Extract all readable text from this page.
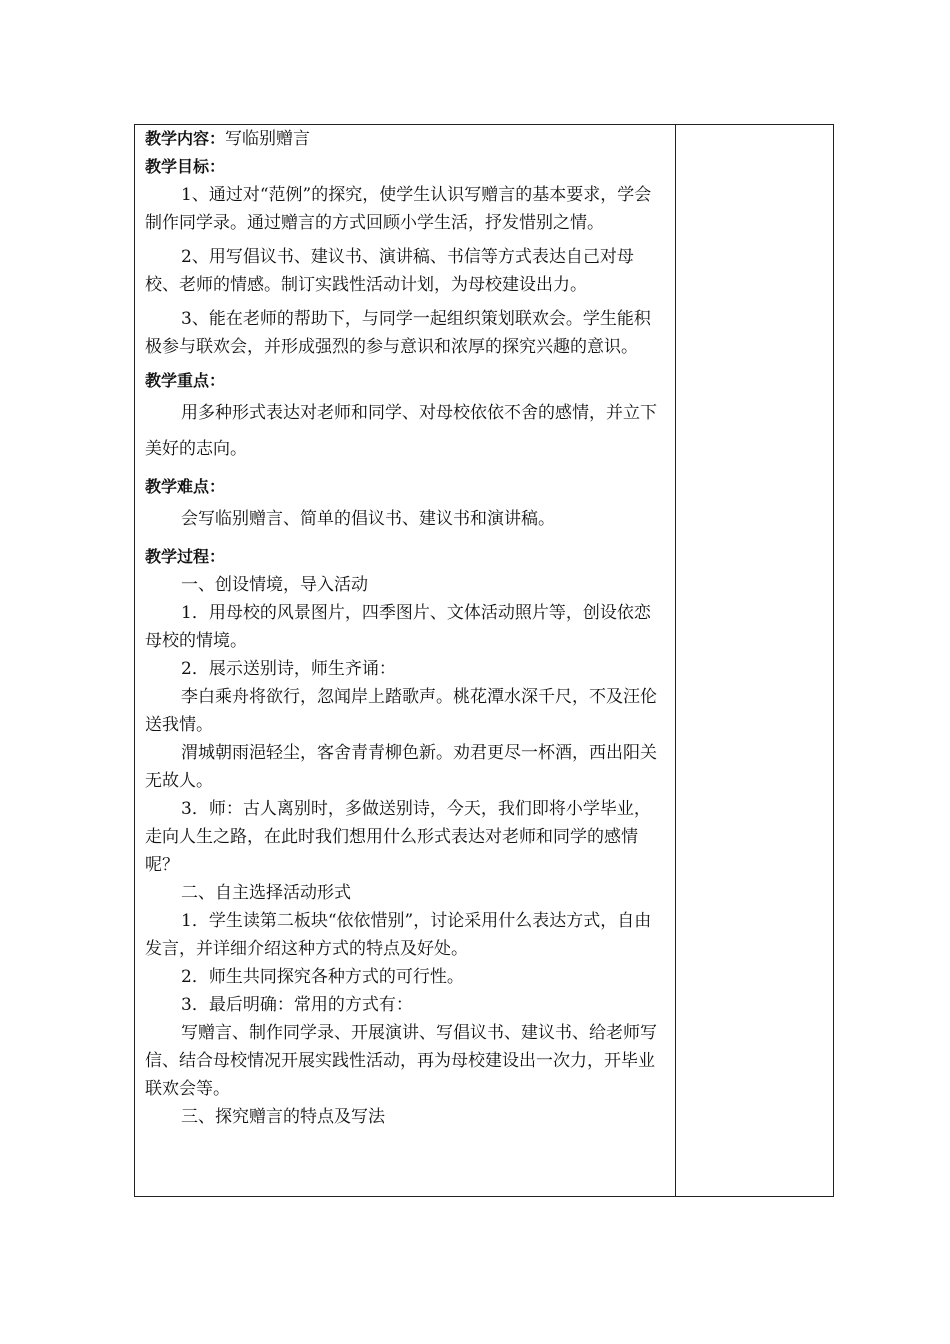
教学内容：写临别赠言

教学目标：

1、通过对“范例”的探究，使学生认识写赠言的基本要求，学会制作同学录。通过赠言的方式回顾小学生活，抒发惜别之情。

2、用写倡议书、建议书、演讲稿、书信等方式表达自己对母校、老师的情感。制订实践性活动计划，为母校建设出力。

3、能在老师的帮助下，与同学一起组织策划联欢会。学生能积极参与联欢会，并形成强烈的参与意识和浓厚的探究兴趣的意识。

教学重点：

用多种形式表达对老师和同学、对母校依依不舍的感情，并立下美好的志向。

教学难点：

会写临别赠言、简单的倡议书、建议书和演讲稿。

教学过程：

一、创设情境，导入活动

1．用母校的风景图片，四季图片、文体活动照片等，创设依恋母校的情境。

2．展示送别诗，师生齐诵：

李白乘舟将欲行，忽闻岸上踏歌声。桃花潭水深千尺，不及汪伦送我情。

渭城朝雨浥轻尘，客舍青青柳色新。劝君更尽一杯酒，西出阳关无故人。

3．师：古人离别时，多做送别诗，今天，我们即将小学毕业，走向人生之路，在此时我们想用什么形式表达对老师和同学的感情呢？

二、自主选择活动形式

1．学生读第二板块“依依惜别”，讨论采用什么表达方式，自由发言，并详细介绍这种方式的特点及好处。

2．师生共同探究各种方式的可行性。

3．最后明确：常用的方式有：

写赠言、制作同学录、开展演讲、写倡议书、建议书、给老师写信、结合母校情况开展实践性活动，再为母校建设出一次力，开毕业联欢会等。

三、探究赠言的特点及写法
